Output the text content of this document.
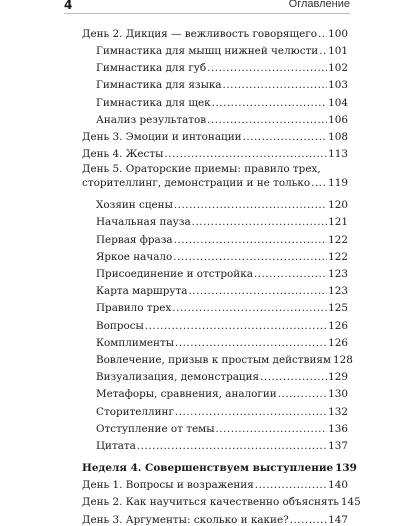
4	Оглавление
День 2. Дикция — вежливость говорящего ..... 100
Гимнастика для мышц нижней челюсти ..... 101
Гимнастика для губ .....	102
Гимнастика для языка .....	103
Гимнастика для щек .....	104
Анализ результатов .....	106
День 3. Эмоции и интонации .....	108
День 4. Жесты .....	113
День 5. Ораторские приемы: правило трех,
сторителлинг, демонстрации и не только ..... 119
Хозяин сцены .....	120
Начальная пауза .....	121
Первая фраза .....	122
Яркое начало .....	122
Присоединение и отстройка .....	123
Карта маршрута .....	123
Правило трех .....	125
Вопросы .....	126
Комплименты .....	126
Вовлечение, призыв к простым действиям 128
Визуализация, демонстрация .....	129
Метафоры, сравнения, аналогии .....	130
Сторителлинг .....	132
Отступление от темы .....	136
Цитата .....	137
Неделя 4. Совершенствуем выступление 139
День 1. Вопросы и возражения .....	140
День 2. Как научиться качественно объяснять 145
День 3. Аргументы: сколько и какие? .....	147
